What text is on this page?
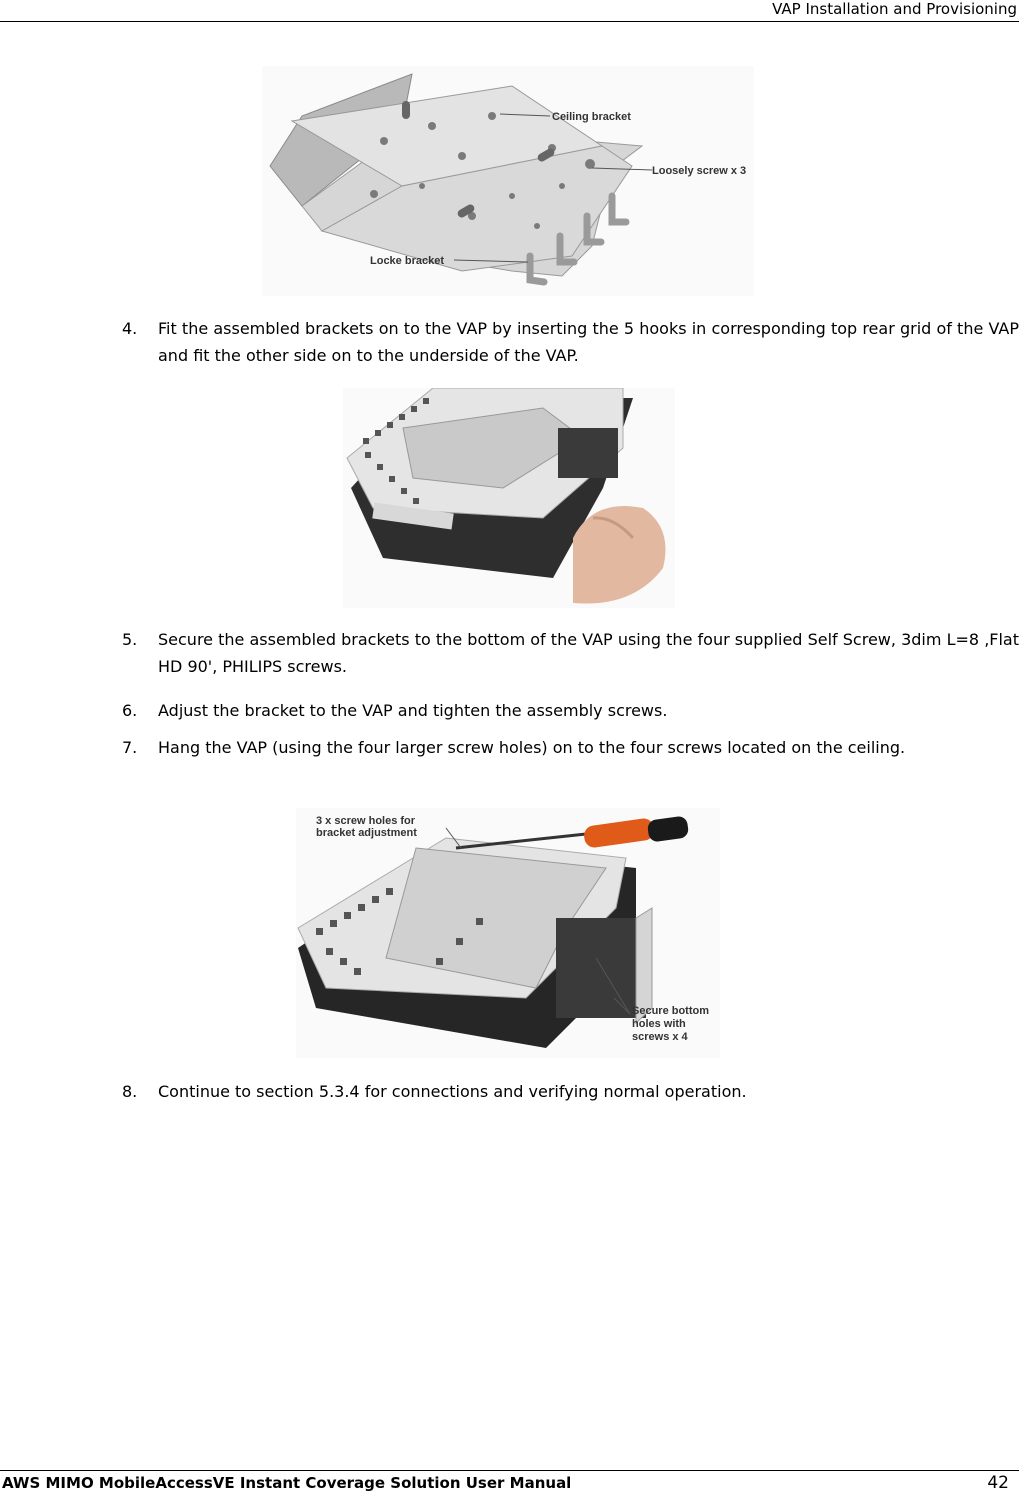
VAP Installation and Provisioning
Ceiling bracket
Loosely screw x 3
Locke bracket
4. Fit the assembled brackets on to the VAP by inserting the 5 hooks in corresponding top rear grid of the VAP and fit the other side on to the underside of the VAP.
5. Secure the assembled brackets to the bottom of the VAP using the four supplied Self Screw, 3dim L=8 ,Flat HD 90', PHILIPS screws.
6. Adjust the bracket to the VAP and tighten the assembly screws.
7. Hang the VAP (using the four larger screw holes) on to the four screws located on the ceiling.
3 x screw holes for
bracket adjustment
Secure bottom
holes with
screws x 4
8. Continue to section 5.3.4 for connections and verifying normal operation.
AWS MIMO MobileAccessVE Instant Coverage Solution User Manual	42
